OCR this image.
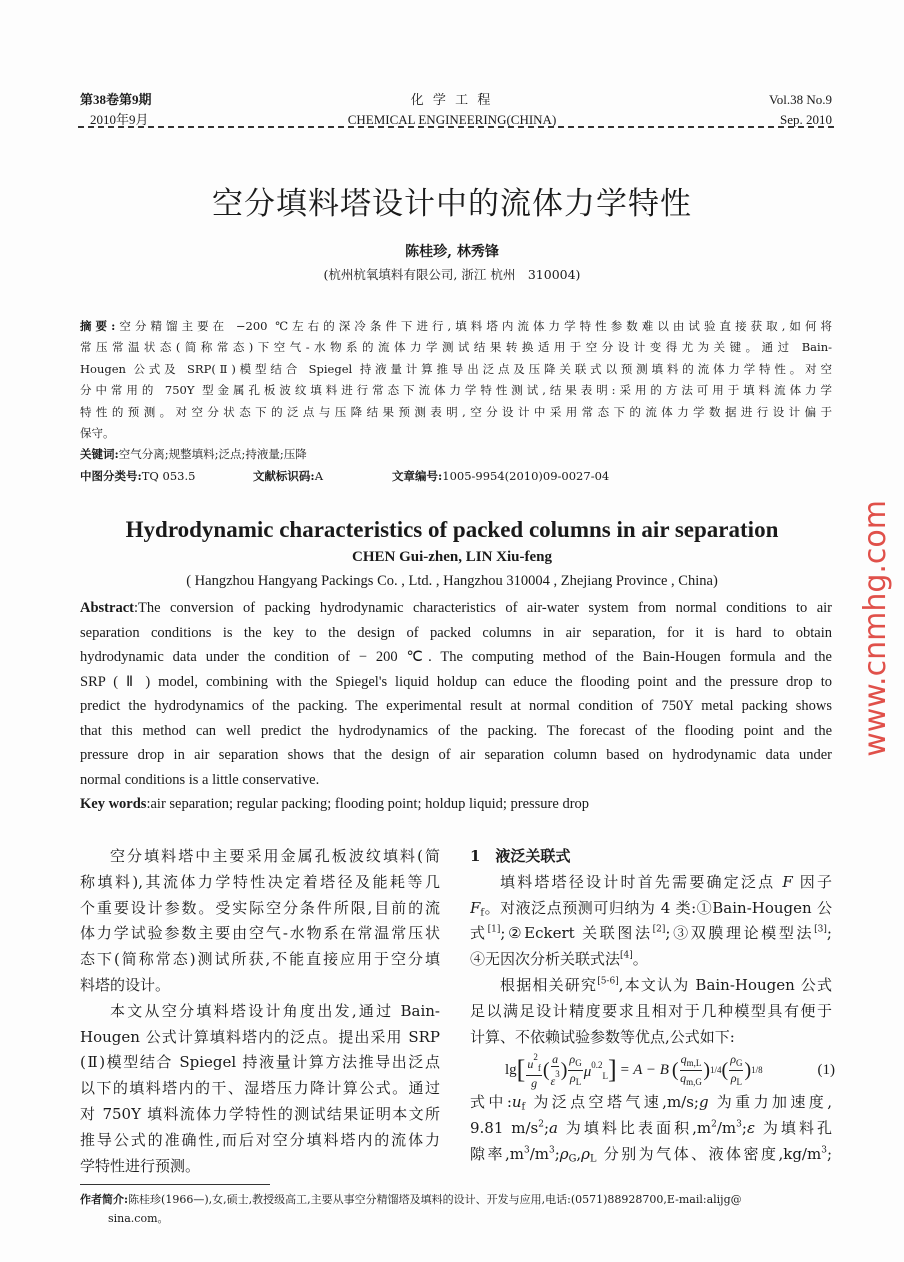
第38卷第9期
2010年9月
化 学 工 程
CHEMICAL ENGINEERING(CHINA)
Vol.38 No.9
Sep. 2010
空分填料塔设计中的流体力学特性
陈桂珍, 林秀锋
(杭州杭氧填料有限公司, 浙江 杭州　310004)
摘要:空分精馏主要在 −200 ℃左右的深冷条件下进行,填料塔内流体力学特性参数难以由试验直接获取,如何将
常压常温状态(简称常态)下空气-水物系的流体力学测试结果转换适用于空分设计变得尤为关键。通过 Bain-
Hougen 公式及 SRP(Ⅱ)模型结合 Spiegel 持液量计算推导出泛点及压降关联式以预测填料的流体力学特性。对空
分中常用的 750Y 型金属孔板波纹填料进行常态下流体力学特性测试,结果表明:采用的方法可用于填料流体力学
特性的预测。对空分状态下的泛点与压降结果预测表明,空分设计中采用常态下的流体力学数据进行设计偏于
保守。
关键词:空气分离;规整填料;泛点;持液量;压降
中图分类号:TQ 053.5　　　　　文献标识码:A　　　　　　文章编号:1005-9954(2010)09-0027-04
Hydrodynamic characteristics of packed columns in air separation
CHEN Gui-zhen, LIN Xiu-feng
( Hangzhou Hangyang Packings Co. , Ltd. , Hangzhou 310004 , Zhejiang Province , China)
Abstract:The conversion of packing hydrodynamic characteristics of air-water system from normal conditions to air
separation conditions is the key to the design of packed columns in air separation, for it is hard to obtain
hydrodynamic data under the condition of − 200 ℃. The computing method of the Bain-Hougen formula and the
SRP ( Ⅱ ) model, combining with the Spiegel's liquid holdup can educe the flooding point and the pressure drop to
predict the hydrodynamics of the packing. The experimental result at normal condition of 750Y metal packing shows
that this method can well predict the hydrodynamics of the packing. The forecast of the flooding point and the
pressure drop in air separation shows that the design of air separation column based on hydrodynamic data under
normal conditions is a little conservative.
Key words:air separation; regular packing; flooding point; holdup liquid; pressure drop
空分填料塔中主要采用金属孔板波纹填料(简
称填料),其流体力学特性决定着塔径及能耗等几
个重要设计参数。受实际空分条件所限,目前的流
体力学试验参数主要由空气-水物系在常温常压状
态下(简称常态)测试所获,不能直接应用于空分填
料塔的设计。
本文从空分填料塔设计角度出发,通过 Bain-
Hougen 公式计算填料塔内的泛点。提出采用 SRP
(Ⅱ)模型结合 Spiegel 持液量计算方法推导出泛点
以下的填料塔内的干、湿塔压力降计算公式。通过
对 750Y 填料流体力学特性的测试结果证明本文所
推导公式的准确性,而后对空分填料塔内的流体力
学特性进行预测。
1　液泛关联式
填料塔塔径设计时首先需要确定泛点 F 因子
$F_f$。对液泛点预测可归纳为 4 类:①Bain-Hougen 公
式[1];②Eckert 关联图法[2];③双膜理论模型法[3];
④无因次分析关联式法[4]。
根据相关研究[5-6],本文认为 Bain-Hougen 公式
足以满足设计精度要求且相对于几种模型具有便于
计算、不依赖试验参数等优点,公式如下:
lg [ $\frac{u^2_f}{g}$ ( $\frac{a}{\varepsilon^3}$ ) $\frac{\rho_G}{\rho_L} \mu^{0.2}_L$ ] = A − B ( $\frac{q_{m,L}}{q_{m,G}}$ ) 1/4 ( $\frac{\rho_G}{\rho_L}$ ) 1/8	(1)
式中$:u_f$ 为泛点空塔气速,m/s;g 为重力加速度,
9.81 $m/s^2;a$ 为填料比表面积$,m^2/m^3;\varepsilon$ 为填料孔
隙率$,m^3/m^3;\rho_G,\rho_L$ 分别为气体、液体密度$,kg/m^3$;
作者简介:陈桂珍(1966—),女,硕士,教授级高工,主要从事空分精馏塔及填料的设计、开发与应用,电话:(0571)88928700,E-mail:alijg@
sina.com。
www.cnmhg.com
